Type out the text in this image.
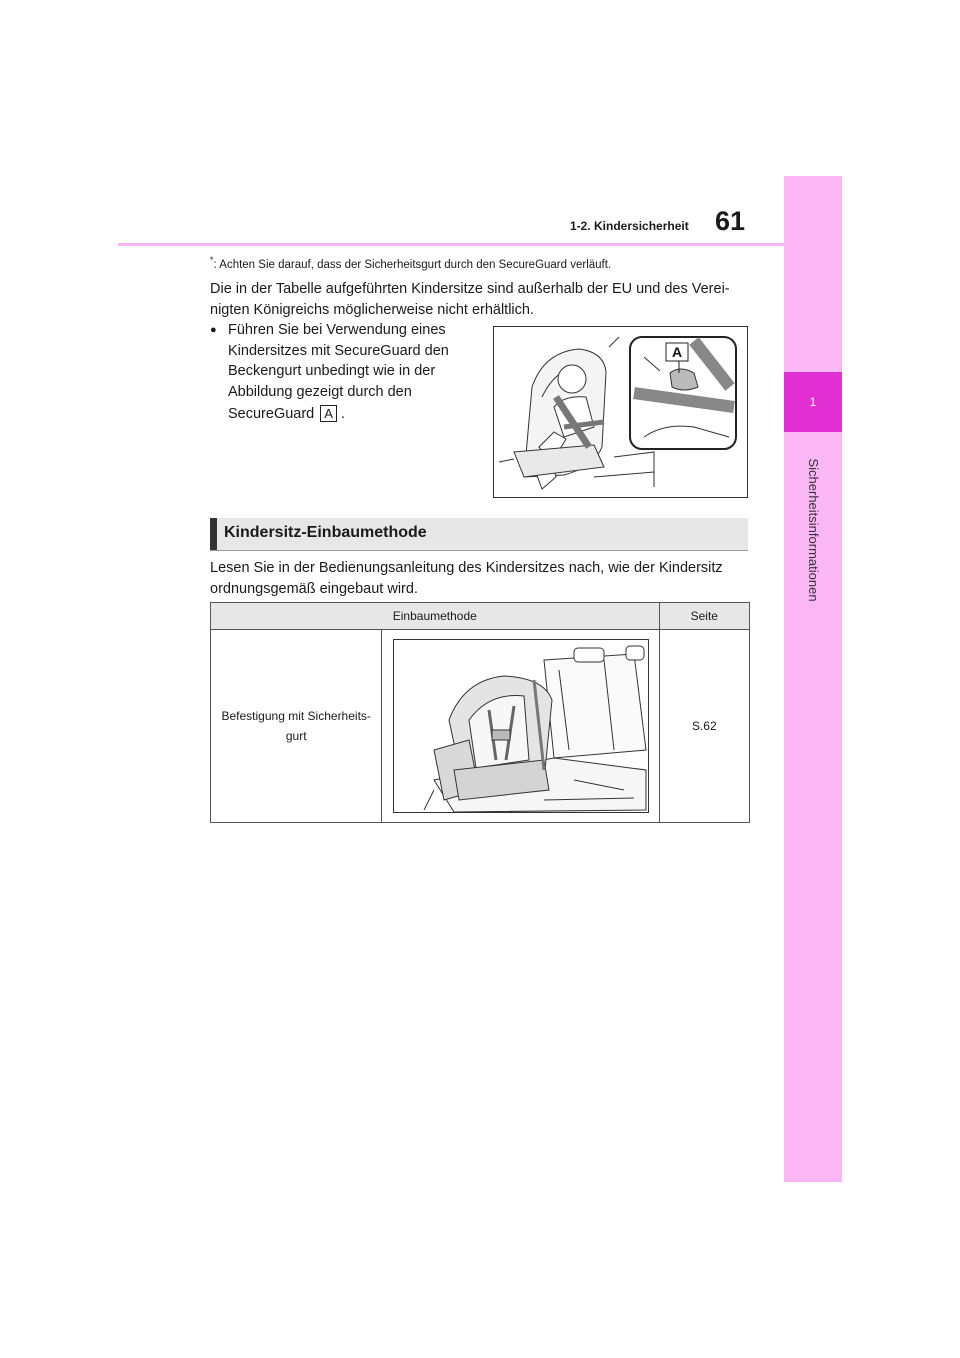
1
Sicherheitsinformationen
1-2. Kindersicherheit 61
*: Achten Sie darauf, dass der Sicherheitsgurt durch den SecureGuard verläuft.
Die in der Tabelle aufgeführten Kindersitze sind außerhalb der EU und des Verei-
nigten Königreichs möglicherweise nicht erhältlich.
● Führen Sie bei Verwendung eines
Kindersitzes mit SecureGuard den
Beckengurt unbedingt wie in der
Abbildung gezeigt durch den
SecureGuard A .
A
Kindersitz-Einbaumethode
Lesen Sie in der Bedienungsanleitung des Kindersitzes nach, wie der Kindersitz
ordnungsgemäß eingebaut wird.
Einbaumethode		Seite

Befestigung mit Sicherheits-
gurt		S.62
